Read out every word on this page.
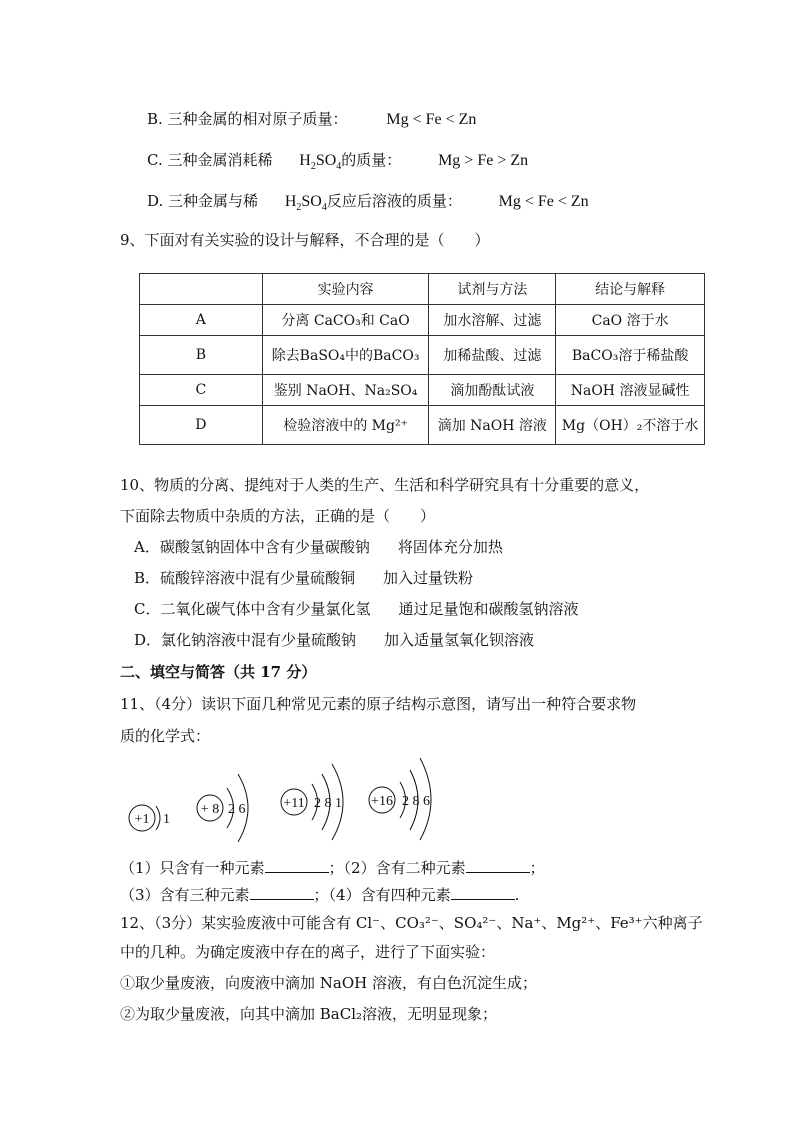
B. 三种金属的相对原子质量： Mg < Fe < Zn
C. 三种金属消耗稀 $H_2SO_4$的质量： Mg > Fe > Zn
D. 三种金属与稀 $H_2SO_4$反应后溶液的质量： Mg < Fe < Zn
9、下面对有关实验的设计与解释，不合理的是（　　）
	实验内容	试剂与方法	结论与解释
A	分离 CaCO₃和 CaO	加水溶解、过滤	CaO 溶于水
B	除去BaSO₄中的BaCO₃	加稀盐酸、过滤	BaCO₃溶于稀盐酸
C	鉴别 NaOH、Na₂SO₄	滴加酚酞试液	NaOH 溶液显碱性
D	检验溶液中的 Mg²⁺	滴加 NaOH 溶液	Mg（OH）₂不溶于水
10、物质的分离、提纯对于人类的生产、生活和科学研究具有十分重要的意义，
下面除去物质中杂质的方法，正确的是（　　）
A．碳酸氢钠固体中含有少量碳酸钠 将固体充分加热
B．硫酸锌溶液中混有少量硫酸铜 加入过量铁粉
C．二氧化碳气体中含有少量氯化氢 通过足量饱和碳酸氢钠溶液
D．氯化钠溶液中混有少量硫酸钠 加入适量氢氧化钡溶液
二、填空与简答（共 17 分）
11、（4分）读识下面几种常见元素的原子结构示意图，请写出一种符合要求物
质的化学式：
+1 1
+ 8 2 6	+11 2 8 1 +16 2 8 6
（1）只含有一种元素	；（2）含有二种元素	；
（3）含有三种元素	；（4）含有四种元素	.
12、（3分）某实验废液中可能含有 Cl⁻、CO₃²⁻、SO₄²⁻、Na⁺、Mg²⁺、Fe³⁺六种离子
中的几种。为确定废液中存在的离子，进行了下面实验：
①取少量废液，向废液中滴加 NaOH 溶液，有白色沉淀生成；
②为取少量废液，向其中滴加 BaCl₂溶液，无明显现象；
